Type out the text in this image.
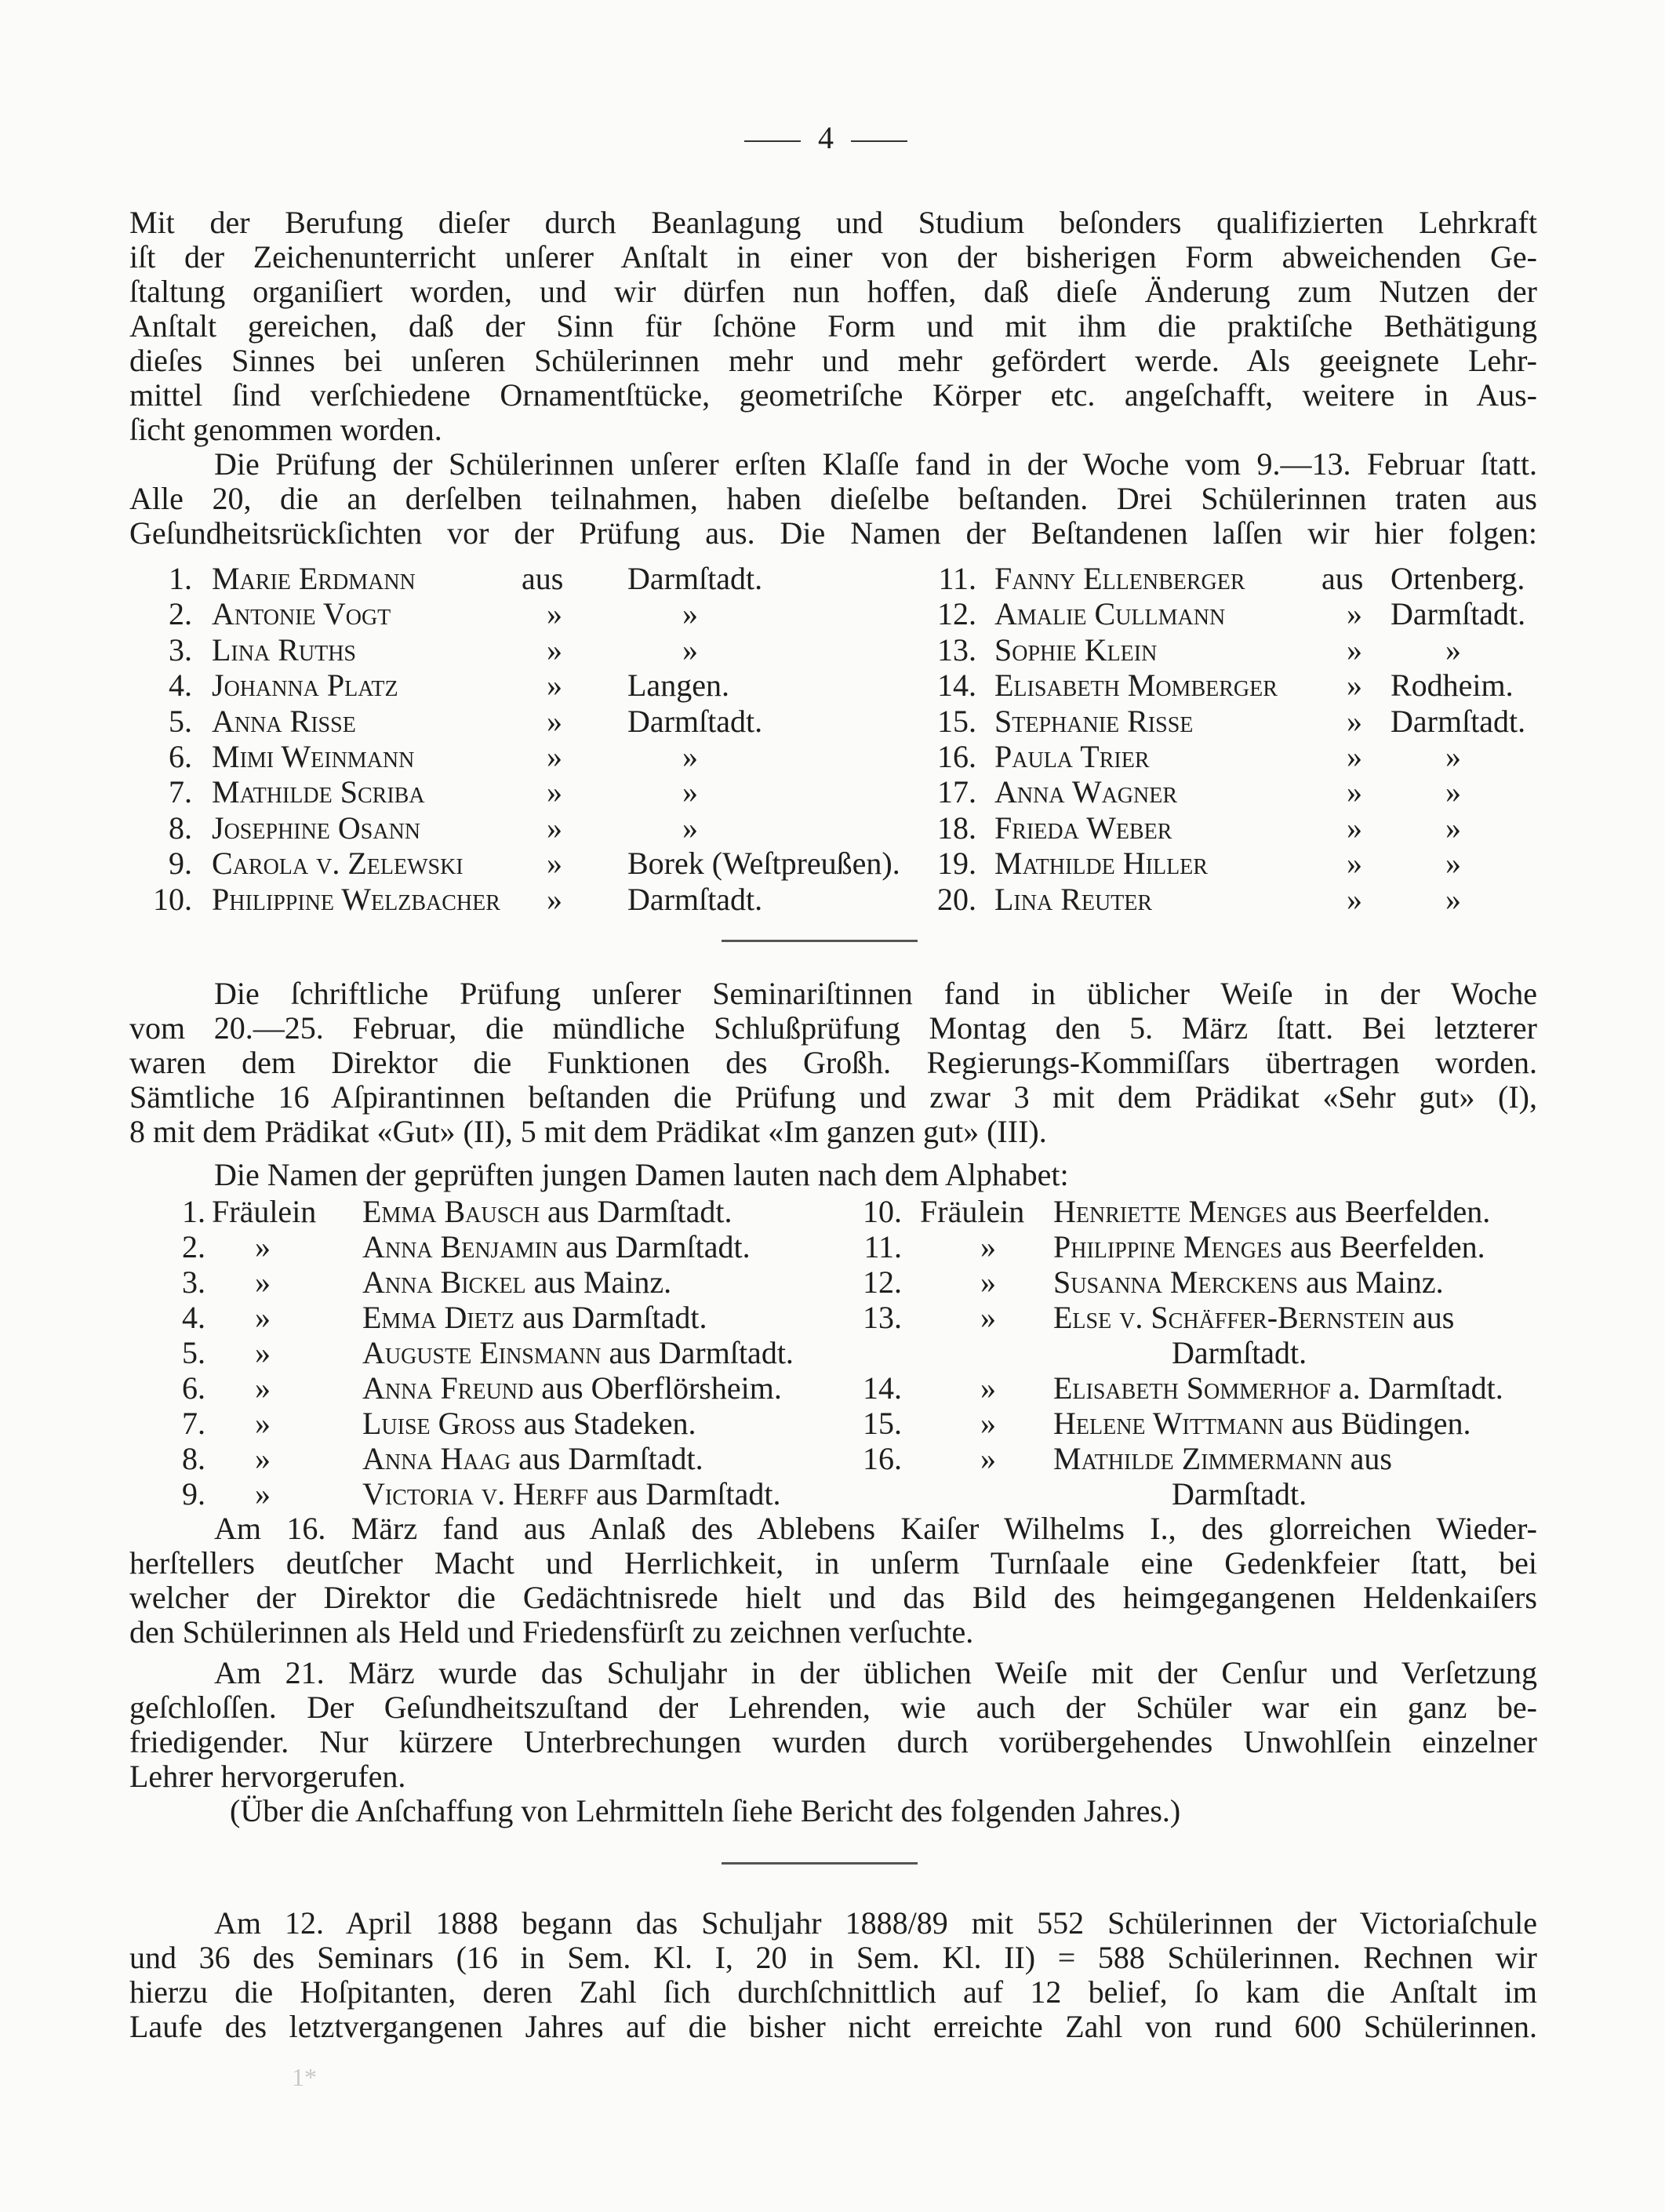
4
Mit der Berufung dieſer durch Beanlagung und Studium beſonders qualifizierten Lehrkraft
iſt der Zeichenunterricht unſerer Anſtalt in einer von der bisherigen Form abweichenden Ge-
ſtaltung organiſiert worden, und wir dürfen nun hoffen, daß dieſe Änderung zum Nutzen der
Anſtalt gereichen, daß der Sinn für ſchöne Form und mit ihm die praktiſche Bethätigung
dieſes Sinnes bei unſeren Schülerinnen mehr und mehr gefördert werde. Als geeignete Lehr-
mittel ſind verſchiedene Ornamentſtücke, geometriſche Körper etc. angeſchafft, weitere in Aus-
ſicht genommen worden.
Die Prüfung der Schülerinnen unſerer erſten Klaſſe fand in der Woche vom 9.—13. Februar ſtatt.
Alle 20, die an derſelben teilnahmen, haben dieſelbe beſtanden. Drei Schülerinnen traten aus
Geſundheitsrückſichten vor der Prüfung aus. Die Namen der Beſtandenen laſſen wir hier folgen:
Die ſchriftliche Prüfung unſerer Seminariſtinnen fand in üblicher Weiſe in der Woche
vom 20.—25. Februar, die mündliche Schlußprüfung Montag den 5. März ſtatt. Bei letzterer
waren dem Direktor die Funktionen des Großh. Regierungs-Kommiſſars übertragen worden.
Sämtliche 16 Aſpirantinnen beſtanden die Prüfung und zwar 3 mit dem Prädikat «Sehr gut» (I),
8 mit dem Prädikat «Gut» (II), 5 mit dem Prädikat «Im ganzen gut» (III).
Die Namen der geprüften jungen Damen lauten nach dem Alphabet:
Am 16. März fand aus Anlaß des Ablebens Kaiſer Wilhelms I., des glorreichen Wieder-
herſtellers deutſcher Macht und Herrlichkeit, in unſerm Turnſaale eine Gedenkfeier ſtatt, bei
welcher der Direktor die Gedächtnisrede hielt und das Bild des heimgegangenen Heldenkaiſers
den Schülerinnen als Held und Friedensfürſt zu zeichnen verſuchte.
Am 21. März wurde das Schuljahr in der üblichen Weiſe mit der Cenſur und Verſetzung
geſchloſſen. Der Geſundheitszuſtand der Lehrenden, wie auch der Schüler war ein ganz be-
friedigender. Nur kürzere Unterbrechungen wurden durch vorübergehendes Unwohlſein einzelner
Lehrer hervorgerufen.
(Über die Anſchaffung von Lehrmitteln ſiehe Bericht des folgenden Jahres.)
Am 12. April 1888 begann das Schuljahr 1888/89 mit 552 Schülerinnen der Victoriaſchule
und 36 des Seminars (16 in Sem. Kl. I, 20 in Sem. Kl. II) = 588 Schülerinnen. Rechnen wir
hierzu die Hoſpitanten, deren Zahl ſich durchſchnittlich auf 12 belief, ſo kam die Anſtalt im
Laufe des letztvergangenen Jahres auf die bisher nicht erreichte Zahl von rund 600 Schülerinnen.
1. Marie Erdmann	aus Darmſtadt.	11. Fanny Ellenberger aus Ortenberg.
2. Antonie Vogt	»	»	12. Amalie Cullmann	» Darmſtadt.
3. Lina Ruths	»	»	13. Sophie Klein	»	»
4. Johanna Platz	» Langen.	14. Elisabeth Momberger » Rodheim.
5. Anna Risse	» Darmſtadt.	15. Stephanie Risse	» Darmſtadt.
6. Mimi Weinmann	»	»	16. Paula Trier	»	»
7. Mathilde Scriba	»	»	17. Anna Wagner	»	»
8. Josephine Osann	»	»	18. Frieda Weber	»	»
9. Carola v. Zelewski	» Borek (Weſtpreußen).	19. Mathilde Hiller	»	»
10. Philippine Welzbacher » Darmſtadt.	20. Lina Reuter	»	»
1. Fräulein Emma Bausch aus Darmſtadt.	10. Fräulein Henriette Menges aus Beerfelden.
2. »	Anna Benjamin aus Darmſtadt.	11.	» Philippine Menges aus Beerfelden.
3. »	Anna Bickel aus Mainz.	12.	» Susanna Merckens aus Mainz.
4. »	Emma Dietz aus Darmſtadt.	13.	» Else v. Schäffer-Bernstein aus
5. »	Auguste Einsmann aus Darmſtadt.	Darmſtadt.
6. »	Anna Freund aus Oberflörsheim.	14.	» Elisabeth Sommerhof a. Darmſtadt.
7. »	Luise Gross aus Stadeken.	15.	» Helene Wittmann aus Büdingen.
8. »	Anna Haag aus Darmſtadt.	16.	» Mathilde Zimmermann aus
9. »	Victoria v. Herff aus Darmſtadt.	Darmſtadt.
1*
